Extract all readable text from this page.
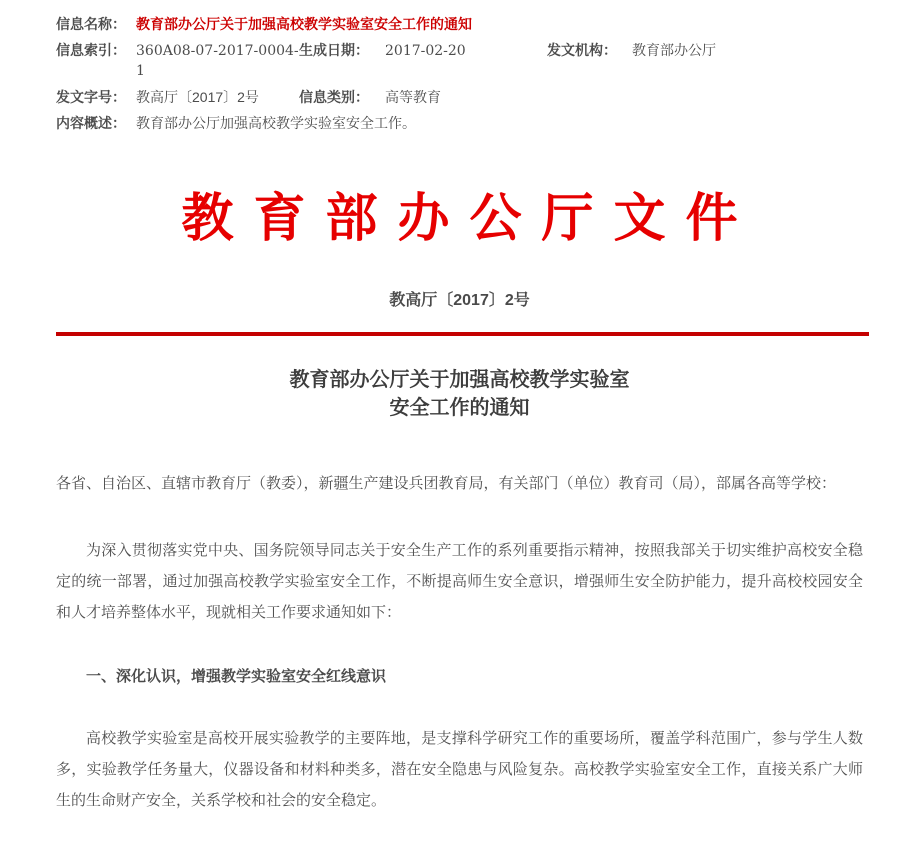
信息名称： 教育部办公厅关于加强高校教学实验室安全工作的通知
信息索引： 360A08-07-2017-0004-1
生成日期：	2017-02-20	发文机构：	教育部办公厅
发文字号： 教高厅〔2017〕2号	信息类别：	高等教育
内容概述： 教育部办公厅加强高校教学实验室安全工作。
教育部办公厅文件
教高厅〔2017〕2号
教育部办公厅关于加强高校教学实验室
安全工作的通知
各省、自治区、直辖市教育厅（教委），新疆生产建设兵团教育局，有关部门（单位）教育司（局），部属各高等学校：
为深入贯彻落实党中央、国务院领导同志关于安全生产工作的系列重要指示精神，按照我部关于切实维护高校安全稳定的统一部署，通过加强高校教学实验室安全工作，不断提高师生安全意识，增强师生安全防护能力，提升高校校园安全和人才培养整体水平，现就相关工作要求通知如下：
一、深化认识，增强教学实验室安全红线意识
高校教学实验室是高校开展实验教学的主要阵地，是支撑科学研究工作的重要场所，覆盖学科范围广，参与学生人数多，实验教学任务量大，仪器设备和材料种类多，潜在安全隐患与风险复杂。高校教学实验室安全工作，直接关系广大师生的生命财产安全，关系学校和社会的安全稳定。
